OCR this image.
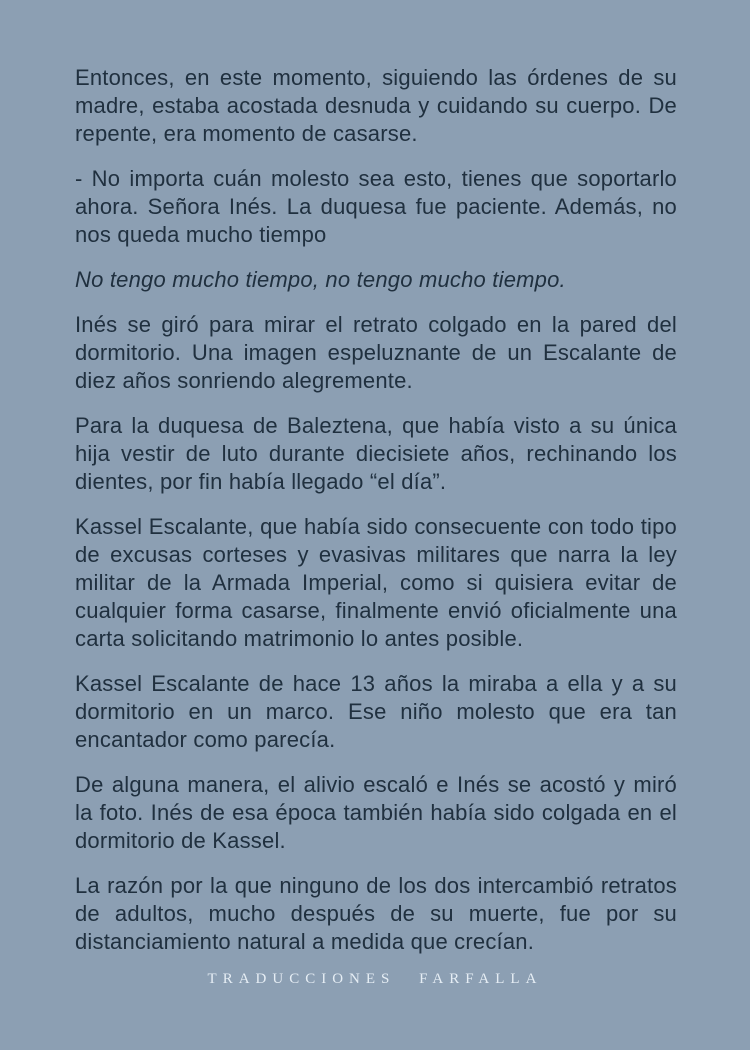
Entonces, en este momento, siguiendo las órdenes de su madre, estaba acostada desnuda y cuidando su cuerpo. De repente, era momento de casarse.

- No importa cuán molesto sea esto, tienes que soportarlo ahora. Señora Inés. La duquesa fue paciente. Además, no nos queda mucho tiempo

No tengo mucho tiempo, no tengo mucho tiempo.

Inés se giró para mirar el retrato colgado en la pared del dormitorio. Una imagen espeluznante de un Escalante de diez años sonriendo alegremente.

Para la duquesa de Baleztena, que había visto a su única hija vestir de luto durante diecisiete años, rechinando los dientes, por fin había llegado “el día”.

Kassel Escalante, que había sido consecuente con todo tipo de excusas corteses y evasivas militares que narra la ley militar de la Armada Imperial, como si quisiera evitar de cualquier forma casarse, finalmente envió oficialmente una carta solicitando matrimonio lo antes posible.

Kassel Escalante de hace 13 años la miraba a ella y a su dormitorio en un marco. Ese niño molesto que era tan encantador como parecía.

De alguna manera, el alivio escaló e Inés se acostó y miró la foto. Inés de esa época también había sido colgada en el dormitorio de Kassel.

La razón por la que ninguno de los dos intercambió retratos de adultos, mucho después de su muerte, fue por su distanciamiento natural a medida que crecían.

TRADUCCIONES FARFALLA
